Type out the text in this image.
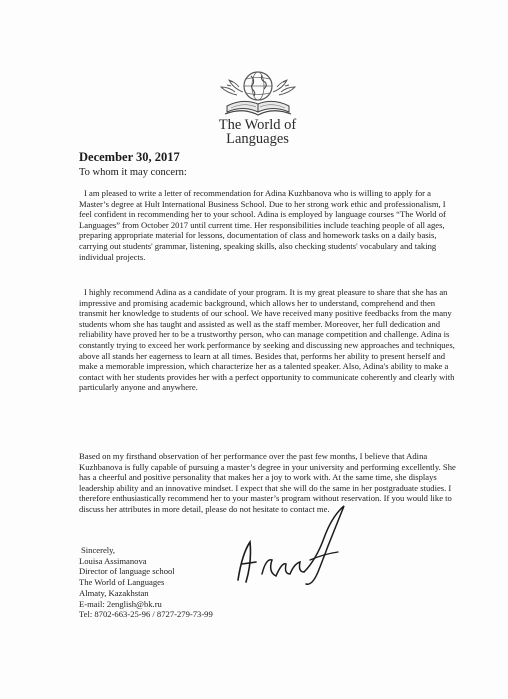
The World of
Languages
December 30, 2017
To whom it may concern:

I am pleased to write a letter of recommendation for Adina Kuzhbanova who is willing to apply for a Master’s degree at Hult International Business School. Due to her strong work ethic and professionalism, I feel confident in recommending her to your school. Adina is employed by language courses “The World of Languages” from October 2017 until current time. Her responsibilities include teaching people of all ages, preparing appropriate material for lessons, documentation of class and homework tasks on a daily basis, carrying out students' grammar, listening, speaking skills, also checking students' vocabulary and taking individual projects.

I highly recommend Adina as a candidate of your program. It is my great pleasure to share that she has an impressive and promising academic background, which allows her to understand, comprehend and then transmit her knowledge to students of our school. We have received many positive feedbacks from the many students whom she has taught and assisted as well as the staff member. Moreover, her full dedication and reliability have proved her to be a trustworthy person, who can manage competition and challenge. Adina is constantly trying to exceed her work performance by seeking and discussing new approaches and techniques, above all stands her eagerness to learn at all times. Besides that, performs her ability to present herself and make a memorable impression, which characterize her as a talented speaker. Also, Adina's ability to make a contact with her students provides her with a perfect opportunity to communicate coherently and clearly with particularly anyone and anywhere.

Based on my firsthand observation of her performance over the past few months, I believe that Adina Kuzhbanova is fully capable of pursuing a master’s degree in your university and performing excellently. She has a cheerful and positive personality that makes her a joy to work with. At the same time, she displays leadership ability and an innovative mindset. I expect that she will do the same in her postgraduate studies. I therefore enthusiastically recommend her to your master’s program without reservation. If you would like to discuss her attributes in more detail, please do not hesitate to contact me.

Sincerely,
Louisa Assimanova
Director of language school
The World of Languages
Almaty, Kazakhstan
E-mail: 2english@bk.ru
Tel: 8702-663-25-96 / 8727-279-73-99
